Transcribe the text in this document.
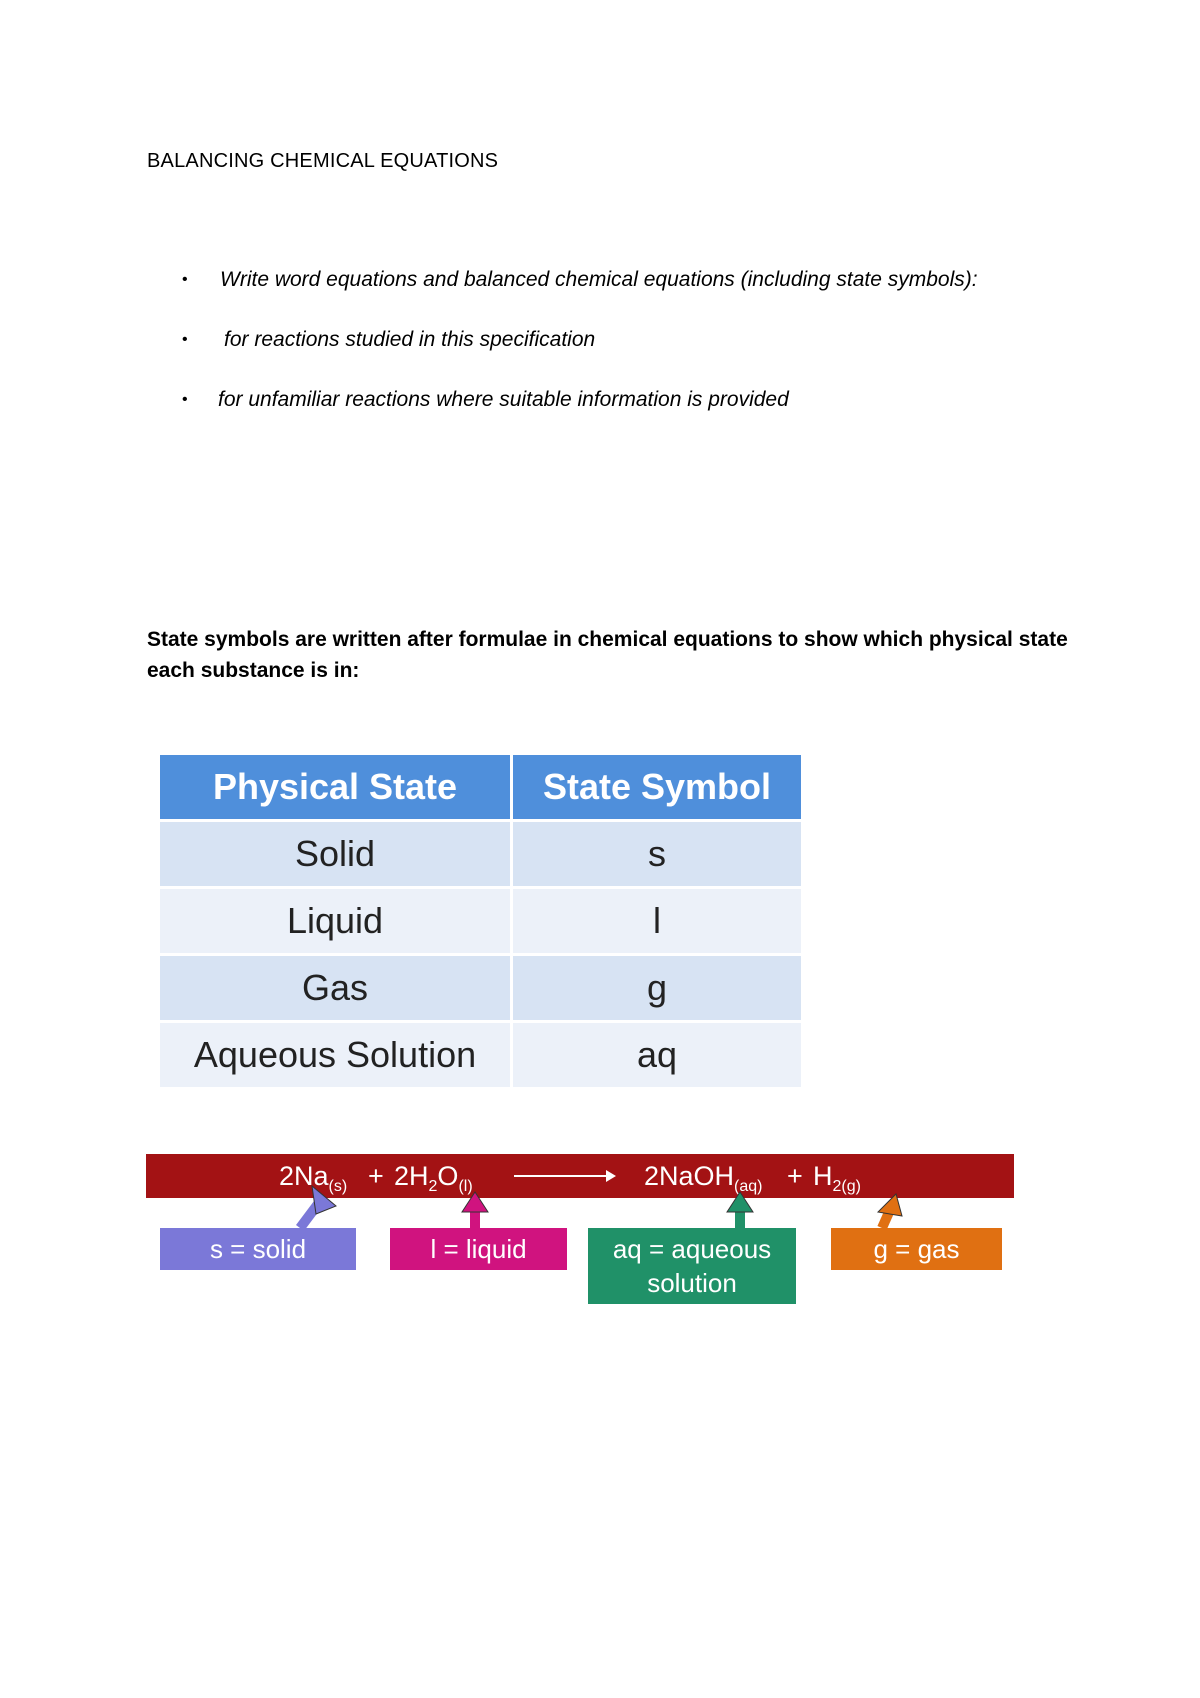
BALANCING CHEMICAL EQUATIONS
• Write word equations and balanced chemical equations (including state symbols):
• for reactions studied in this specification
• for unfamiliar reactions where suitable information is provided
State symbols are written after formulae in chemical equations to show which physical state each substance is in:
Physical State	State Symbol
Solid	s
Liquid	l
Gas	g
Aqueous Solution	aq
$2Na_{(s)} + 2H_2O_{(l)}$ → 2NaOH$_{(aq)}$ + $H_{2(g)}$
s = solid	l = liquid	aq = aqueous
solution
g = gas
